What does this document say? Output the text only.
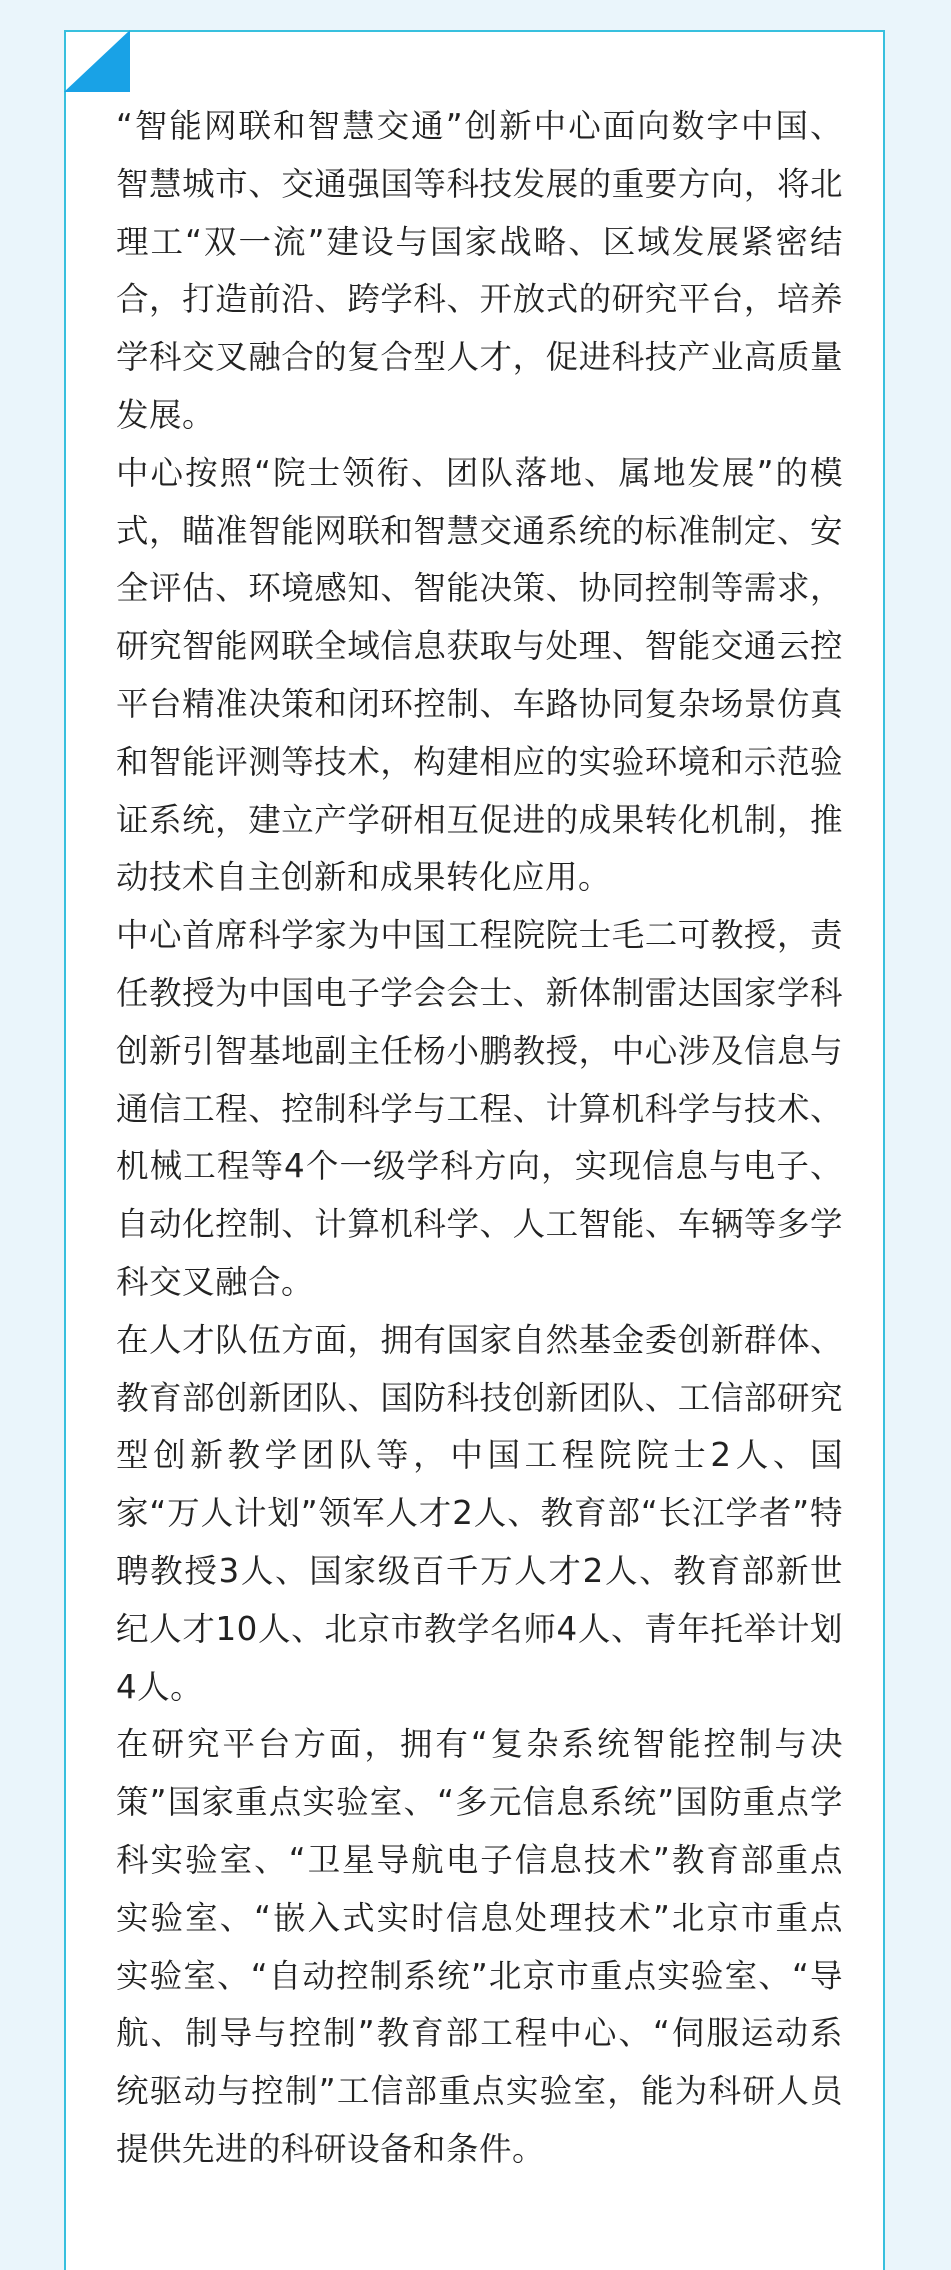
“智能网联和智慧交通”创新中心面向数字中国、智慧城市、交通强国等科技发展的重要方向，将北理工“双一流”建设与国家战略、区域发展紧密结合，打造前沿、跨学科、开放式的研究平台，培养学科交叉融合的复合型人才，促进科技产业高质量发展。

中心按照“院士领衔、团队落地、属地发展”的模式，瞄准智能网联和智慧交通系统的标准制定、安全评估、环境感知、智能决策、协同控制等需求，研究智能网联全域信息获取与处理、智能交通云控平台精准决策和闭环控制、车路协同复杂场景仿真和智能评测等技术，构建相应的实验环境和示范验证系统，建立产学研相互促进的成果转化机制，推动技术自主创新和成果转化应用。

中心首席科学家为中国工程院院士毛二可教授，责任教授为中国电子学会会士、新体制雷达国家学科创新引智基地副主任杨小鹏教授，中心涉及信息与通信工程、控制科学与工程、计算机科学与技术、机械工程等4个一级学科方向，实现信息与电子、自动化控制、计算机科学、人工智能、车辆等多学科交叉融合。

在人才队伍方面，拥有国家自然基金委创新群体、教育部创新团队、国防科技创新团队、工信部研究型创新教学团队等，中国工程院院士2人、国家“万人计划”领军人才2人、教育部“长江学者”特聘教授3人、国家级百千万人才2人、教育部新世纪人才10人、北京市教学名师4人、青年托举计划4人。

在研究平台方面，拥有“复杂系统智能控制与决策”国家重点实验室、“多元信息系统”国防重点学科实验室、“卫星导航电子信息技术”教育部重点实验室、“嵌入式实时信息处理技术”北京市重点实验室、“自动控制系统”北京市重点实验室、“导航、制导与控制”教育部工程中心、“伺服运动系统驱动与控制”工信部重点实验室，能为科研人员提供先进的科研设备和条件。
